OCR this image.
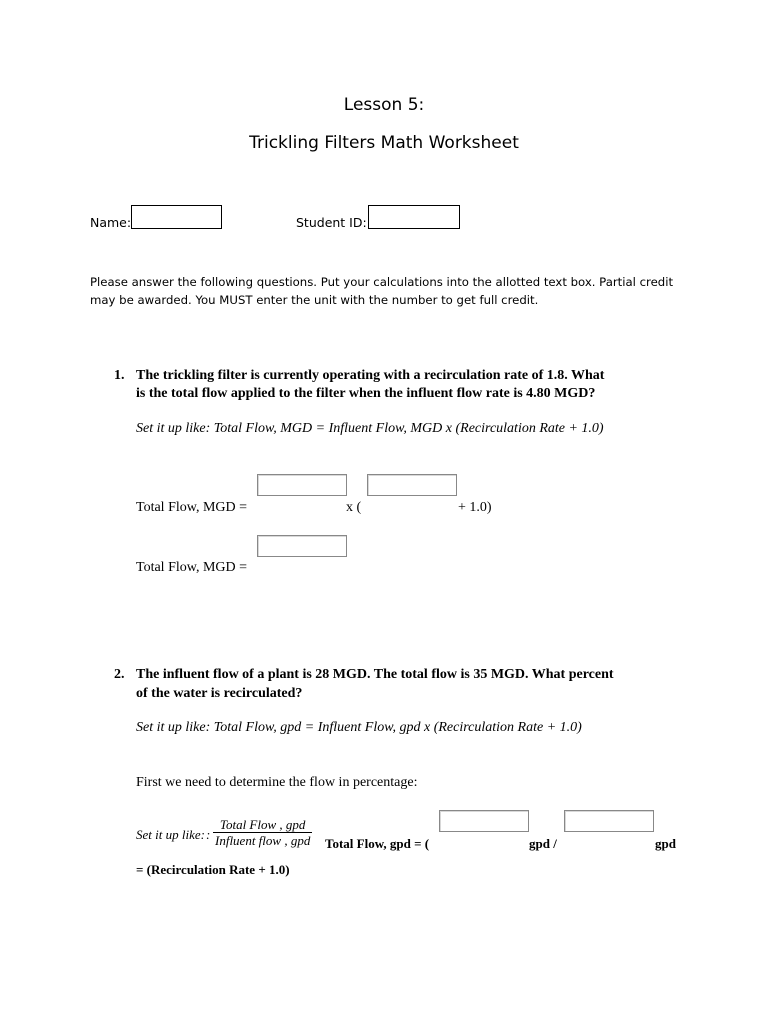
Lesson 5:
Trickling Filters Math Worksheet
Name:	Student ID:
Please answer the following questions. Put your calculations into the allotted text box. Partial credit
may be awarded. You MUST enter the unit with the number to get full credit.
1. The trickling filter is currently operating with a recirculation rate of 1.8. What
is the total flow applied to the filter when the influent flow rate is 4.80 MGD?
Set it up like: Total Flow, MGD = Influent Flow, MGD x (Recirculation Rate + 1.0)
Total Flow, MGD =	x (	+ 1.0)
Total Flow, MGD =
2. The influent flow of a plant is 28 MGD. The total flow is 35 MGD. What percent
of the water is recirculated?
Set it up like: Total Flow, gpd = Influent Flow, gpd x (Recirculation Rate + 1.0)
First we need to determine the flow in percentage:
Set it up like: :
Total Flow , gpd
Influent flow , gpd Total Flow, gpd = (	gpd /	gpd
= (Recirculation Rate + 1.0)
